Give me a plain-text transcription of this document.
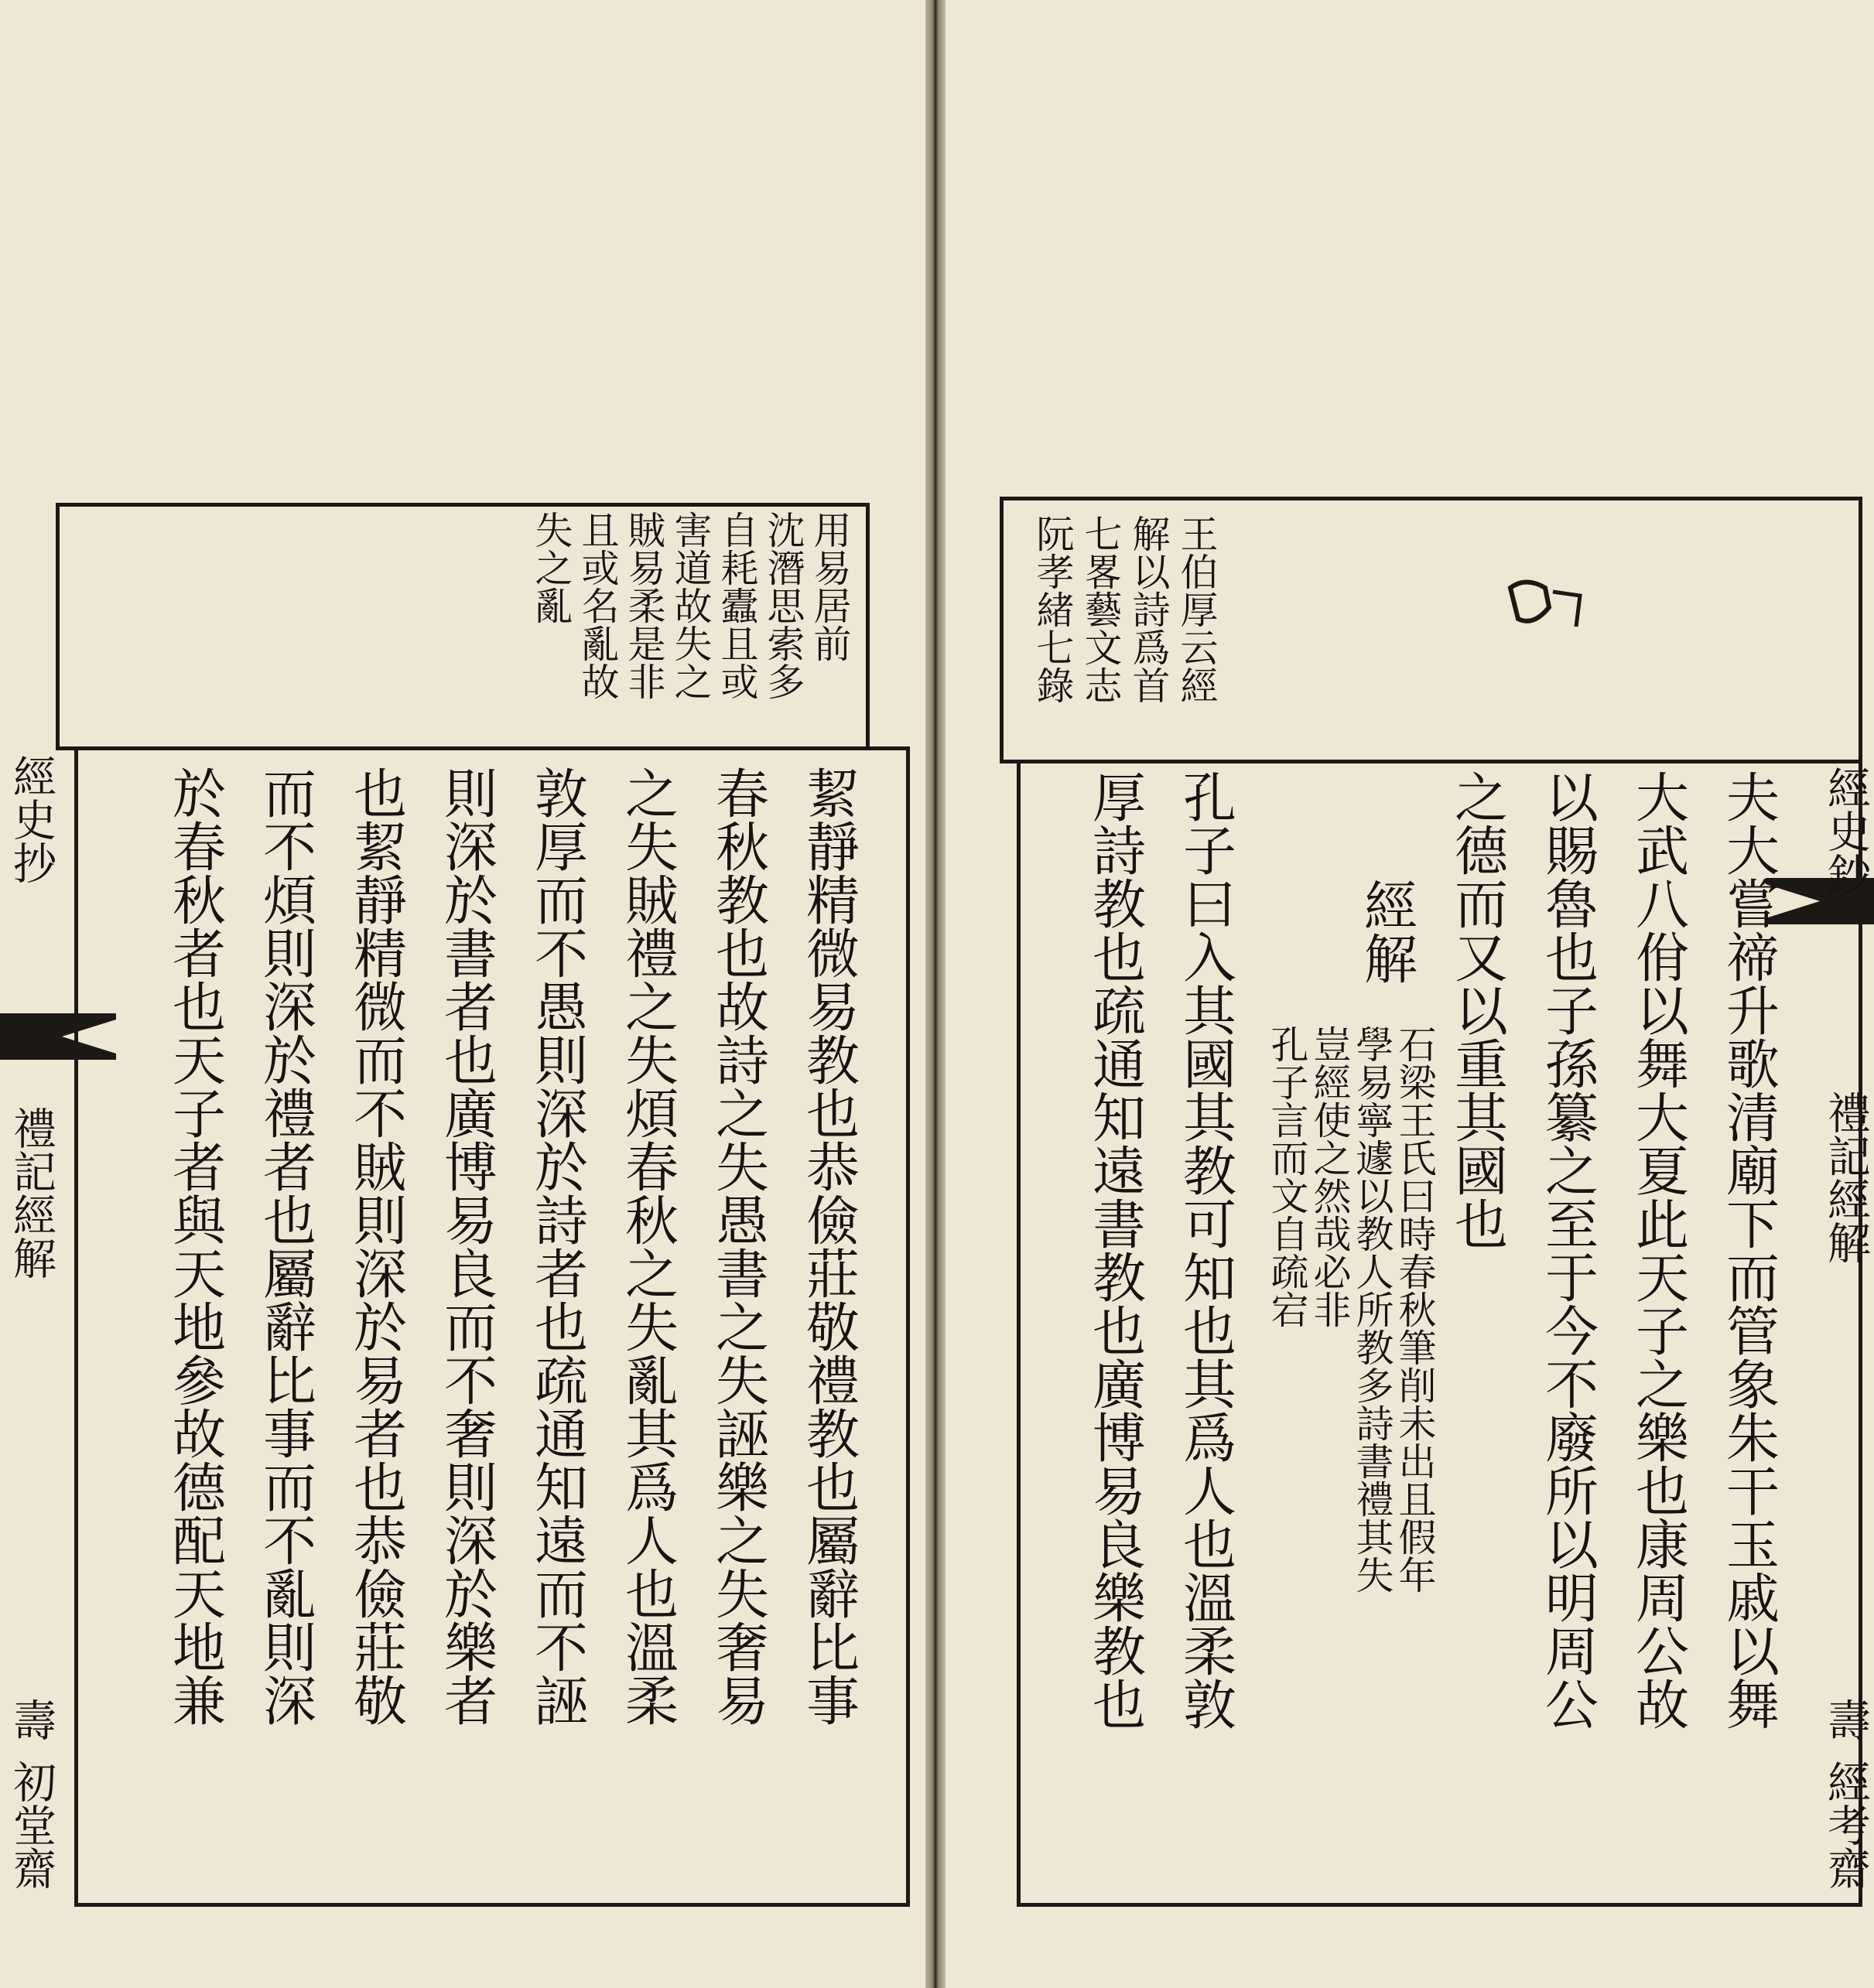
經史抄
禮記經解
壽
初堂齋
用易居前
沈潛思索多
自耗蠹且或
害道故失之
賊易柔是非
且或名亂故
失之亂
絜靜精微易教也恭儉莊敬禮教也屬辭比事
春秋教也故詩之失愚書之失誣樂之失奢易
之失賊禮之失煩春秋之失亂其爲人也溫柔
敦厚而不愚則深於詩者也疏通知遠而不誣
則深於書者也廣博易良而不奢則深於樂者
也絜靜精微而不賊則深於易者也恭儉莊敬
而不煩則深於禮者也屬辭比事而不亂則深
於春秋者也天子者與天地參故德配天地兼	經史鈔
禮記經解
壽
經考齋
王伯厚云經
解以詩爲首
七畧藝文志
阮孝緒七錄
夫大嘗禘升歌清廟下而管象朱干玉戚以舞
大武八佾以舞大夏此天子之樂也康周公故
以賜魯也子孫纂之至于今不廢所以明周公
之德而又以重其國也
經解
石梁王氏曰時春秋筆削未出且假年
學易寧遽以教人所教多詩書禮其失
豈經使之然哉必非
孔子言而文自疏宕
孔子曰入其國其教可知也其爲人也溫柔敦
厚詩教也疏通知遠書教也廣博易良樂教也
